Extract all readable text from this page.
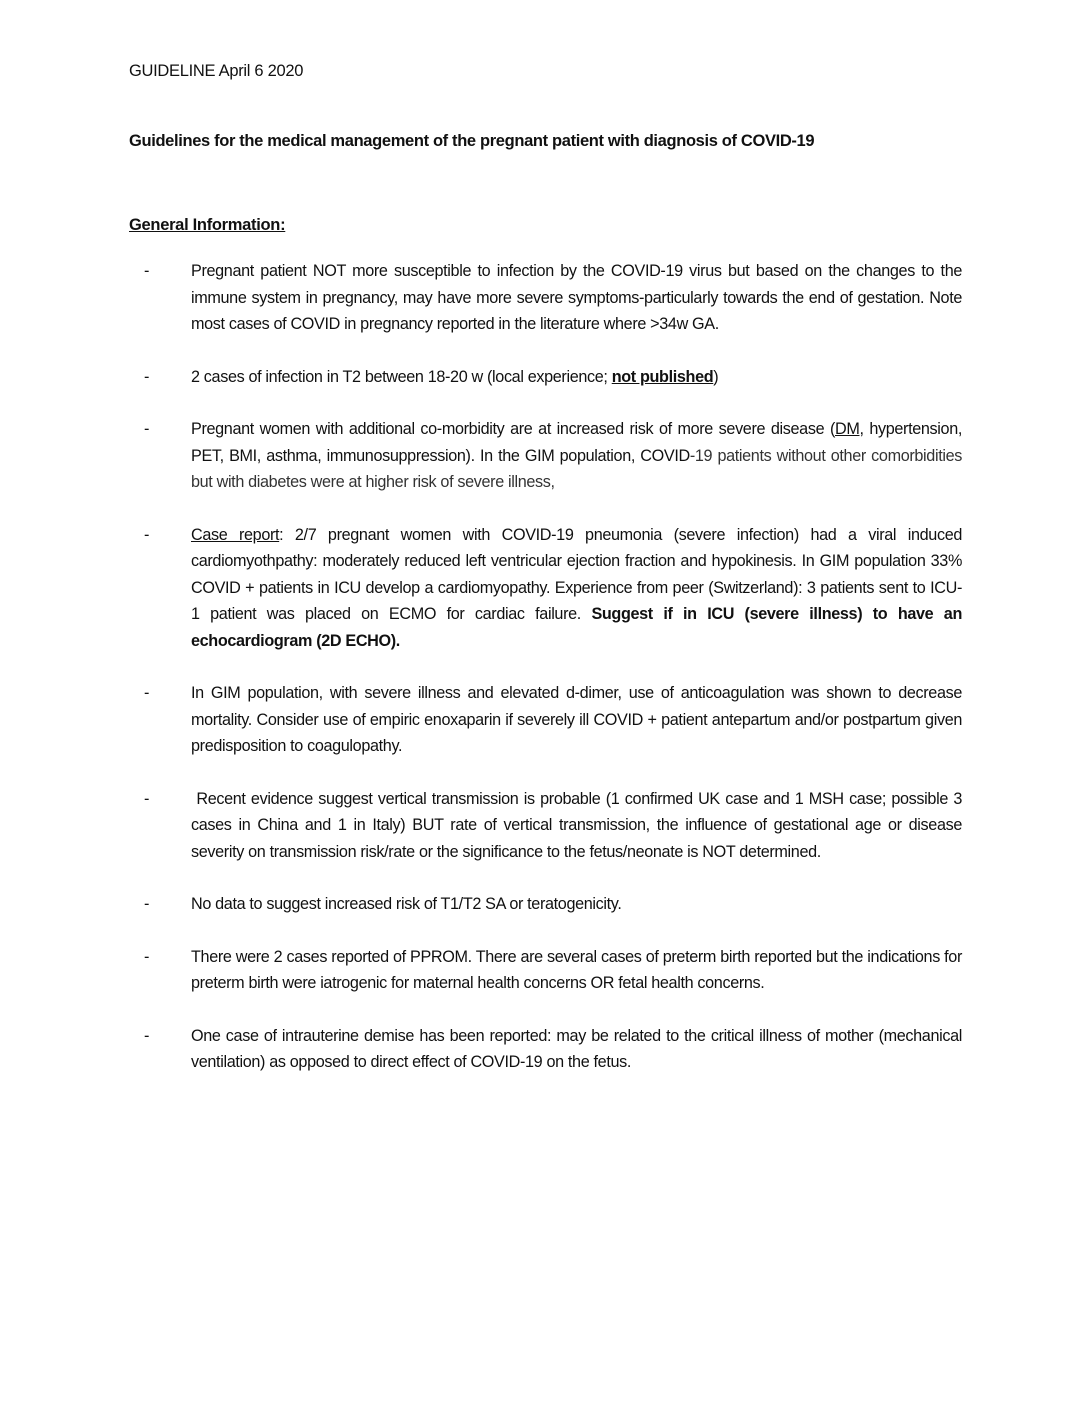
GUIDELINE April 6 2020
Guidelines for the medical management of the pregnant patient with diagnosis of COVID-19
General Information:
-	Pregnant patient NOT more susceptible to infection by the COVID-19 virus but based on the changes to the immune system in pregnancy, may have more severe symptoms-particularly towards the end of gestation. Note most cases of COVID in pregnancy reported in the literature where >34w GA.
-	2 cases of infection in T2 between 18-20 w (local experience; not published)
-	Pregnant women with additional co-morbidity are at increased risk of more severe disease (DM, hypertension, PET, BMI, asthma, immunosuppression). In the GIM population, COVID-19 patients without other comorbidities but with diabetes were at higher risk of severe illness,
-	Case report: 2/7 pregnant women with COVID-19 pneumonia (severe infection) had a viral induced cardiomyothpathy: moderately reduced left ventricular ejection fraction and hypokinesis. In GIM population 33% COVID + patients in ICU develop a cardiomyopathy. Experience from peer (Switzerland): 3 patients sent to ICU- 1 patient was placed on ECMO for cardiac failure. Suggest if in ICU (severe illness) to have an echocardiogram (2D ECHO).
-	In GIM population, with severe illness and elevated d-dimer, use of anticoagulation was shown to decrease mortality. Consider use of empiric enoxaparin if severely ill COVID + patient antepartum and/or postpartum given predisposition to coagulopathy.
-	Recent evidence suggest vertical transmission is probable (1 confirmed UK case and 1 MSH case; possible 3 cases in China and 1 in Italy) BUT rate of vertical transmission, the influence of gestational age or disease severity on transmission risk/rate or the significance to the fetus/neonate is NOT determined.
-	No data to suggest increased risk of T1/T2 SA or teratogenicity.
-	There were 2 cases reported of PPROM. There are several cases of preterm birth reported but the indications for preterm birth were iatrogenic for maternal health concerns OR fetal health concerns.
-	One case of intrauterine demise has been reported: may be related to the critical illness of mother (mechanical ventilation) as opposed to direct effect of COVID-19 on the fetus.
